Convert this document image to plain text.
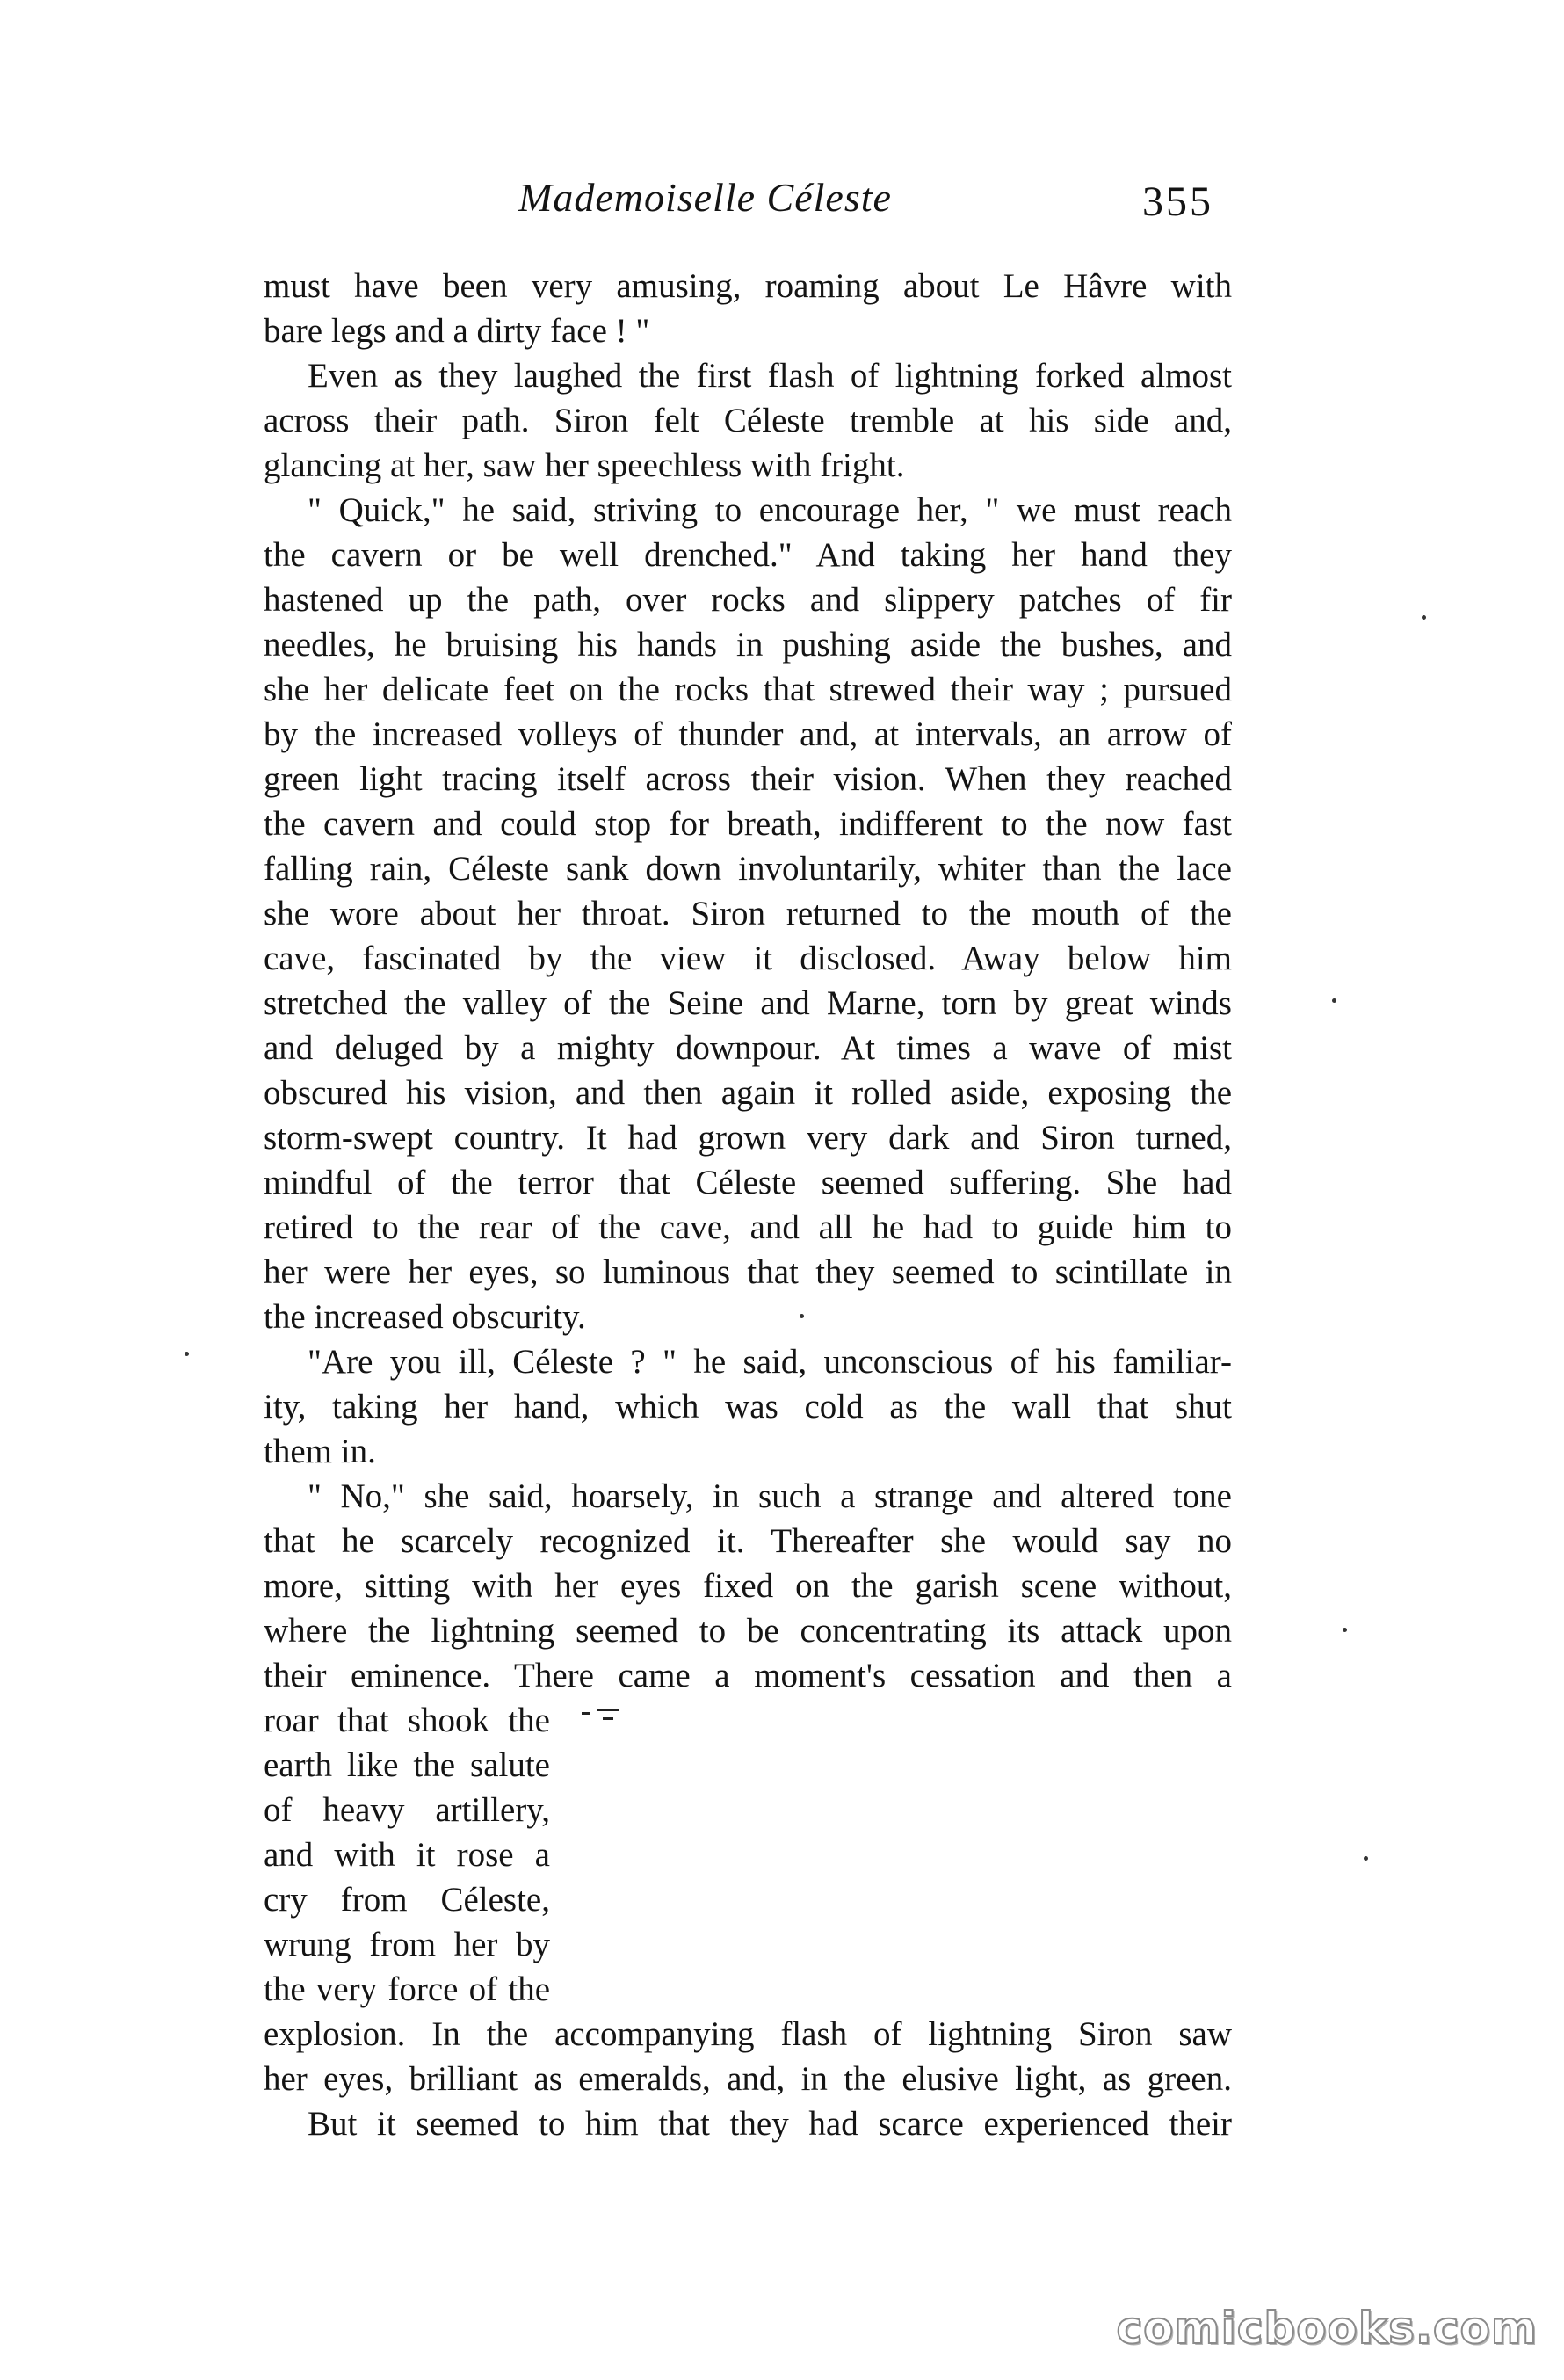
Mademoiselle Céleste	355
must have been very amusing, roaming about Le Hâvre with
bare legs and a dirty face ! "
Even as they laughed the first flash of lightning forked almost
across their path. Siron felt Céleste tremble at his side and,
glancing at her, saw her speechless with fright.
" Quick," he said, striving to encourage her, " we must reach
the cavern or be well drenched." And taking her hand they
hastened up the path, over rocks and slippery patches of fir
needles, he bruising his hands in pushing aside the bushes, and
she her delicate feet on the rocks that strewed their way ; pursued
by the increased volleys of thunder and, at intervals, an arrow of
green light tracing itself across their vision. When they reached
the cavern and could stop for breath, indifferent to the now fast
falling rain, Céleste sank down involuntarily, whiter than the lace
she wore about her throat. Siron returned to the mouth of the
cave, fascinated by the view it disclosed. Away below him
stretched the valley of the Seine and Marne, torn by great winds
and deluged by a mighty downpour. At times a wave of mist
obscured his vision, and then again it rolled aside, exposing the
storm-swept country. It had grown very dark and Siron turned,
mindful of the terror that Céleste seemed suffering. She had
retired to the rear of the cave, and all he had to guide him to
her were her eyes, so luminous that they seemed to scintillate in
the increased obscurity.
"Are you ill, Céleste ? " he said, unconscious of his familiar-
ity, taking her hand, which was cold as the wall that shut
them in.
" No," she said, hoarsely, in such a strange and altered tone
that he scarcely recognized it. Thereafter she would say no
more, sitting with her eyes fixed on the garish scene without,
where the lightning seemed to be concentrating its attack upon
their eminence. There came a moment's cessation and then a
roar that shook the
earth like the salute
of heavy artillery,
and with it rose a
cry from Céleste,
wrung from her by
the very force of the
explosion. In the accompanying flash of lightning Siron saw
her eyes, brilliant as emeralds, and, in the elusive light, as green.
But it seemed to him that they had scarce experienced their
comicbooks.com
